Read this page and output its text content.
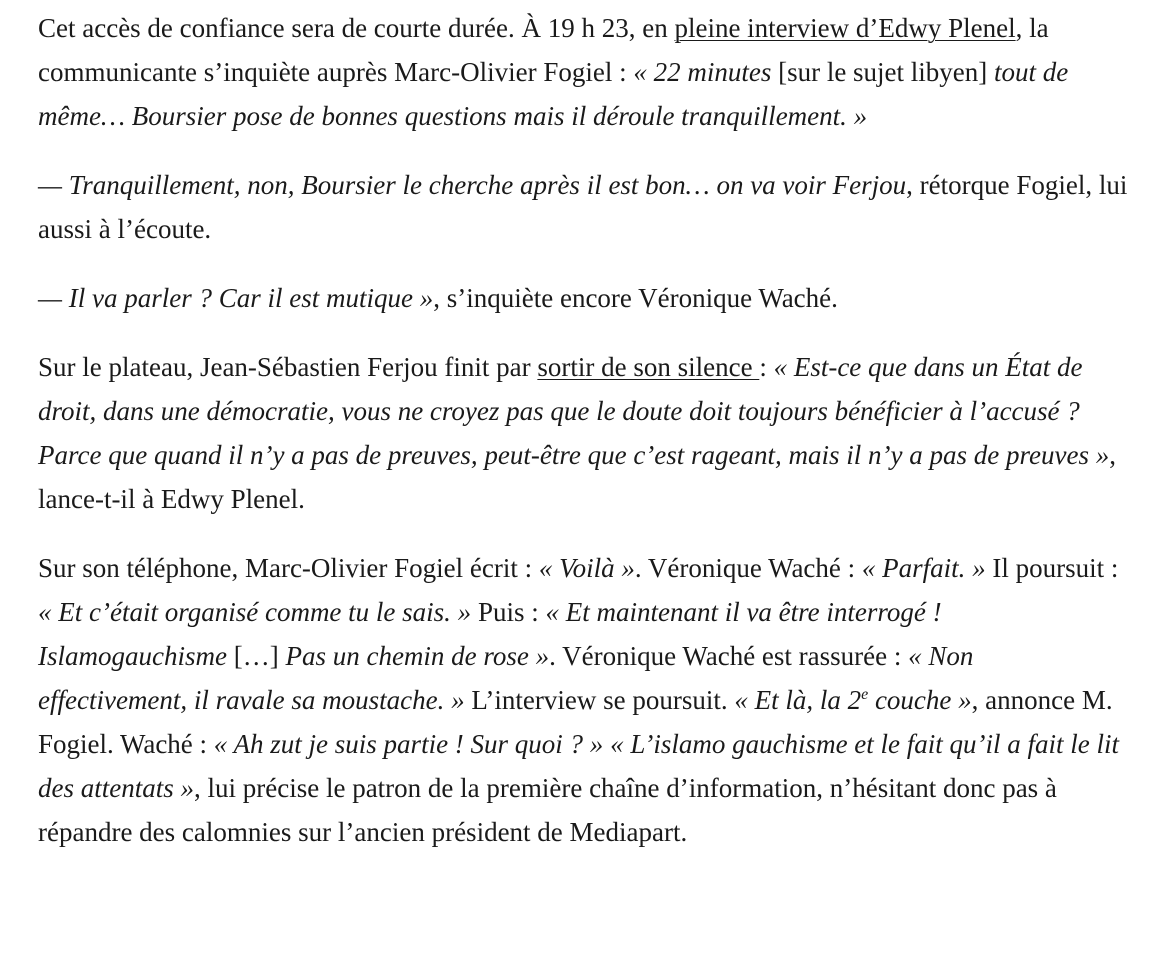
Cet accès de confiance sera de courte durée. À 19 h 23, en pleine interview d’Edwy Plenel, la communicante s’inquiète auprès Marc-Olivier Fogiel : « 22 minutes [sur le sujet libyen] tout de même… Boursier pose de bonnes questions mais il déroule tranquillement. »

— Tranquillement, non, Boursier le cherche après il est bon… on va voir Ferjou, rétorque Fogiel, lui aussi à l’écoute.

— Il va parler ? Car il est mutique », s’inquiète encore Véronique Waché.

Sur le plateau, Jean-Sébastien Ferjou finit par sortir de son silence : « Est-ce que dans un État de droit, dans une démocratie, vous ne croyez pas que le doute doit toujours bénéficier à l’accusé ? Parce que quand il n’y a pas de preuves, peut-être que c’est rageant, mais il n’y a pas de preuves », lance-t-il à Edwy Plenel.

Sur son téléphone, Marc-Olivier Fogiel écrit : « Voilà ». Véronique Waché : « Parfait. » Il poursuit : « Et c’était organisé comme tu le sais. » Puis : « Et maintenant il va être interrogé ! Islamogauchisme […] Pas un chemin de rose ». Véronique Waché est rassurée : « Non effectivement, il ravale sa moustache. » L’interview se poursuit. « Et là, la 2e couche », annonce M. Fogiel. Waché : « Ah zut je suis partie ! Sur quoi ? » « L’islamo gauchisme et le fait qu’il a fait le lit des attentats », lui précise le patron de la première chaîne d’information, n’hésitant donc pas à répandre des calomnies sur l’ancien président de Mediapart.
